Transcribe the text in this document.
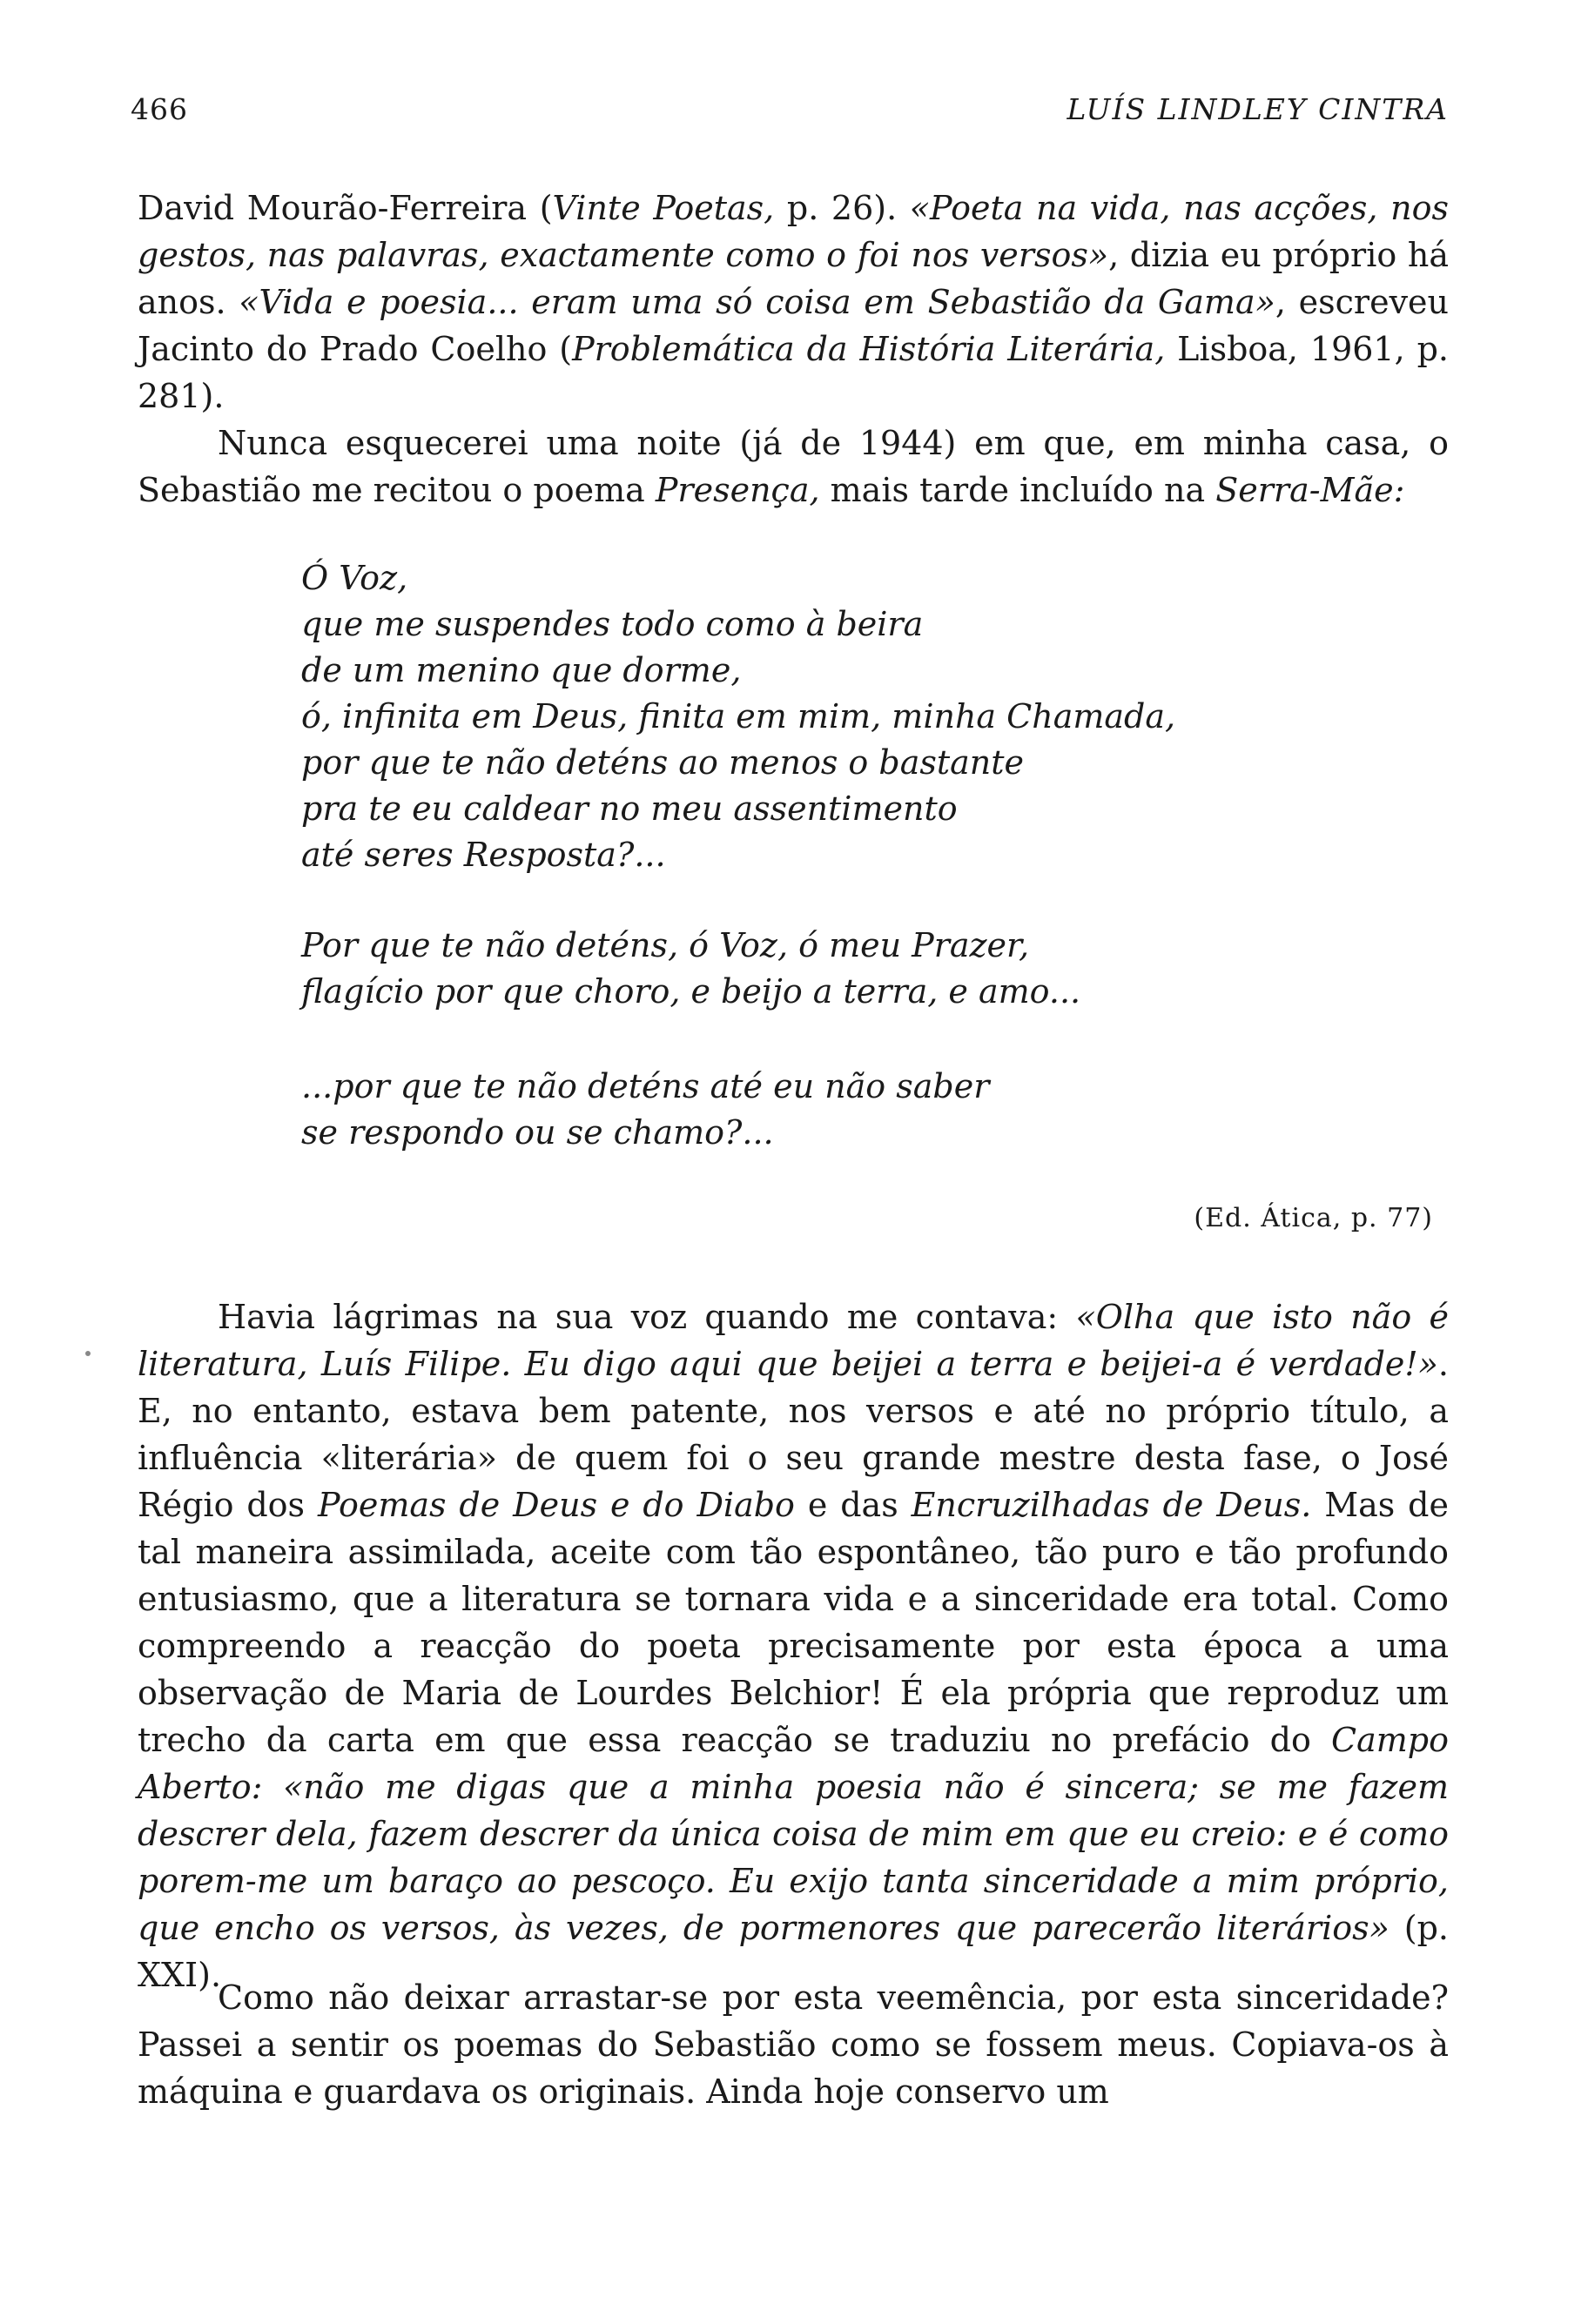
466	LUÍS LINDLEY CINTRA
David Mourão-Ferreira (Vinte Poetas, p. 26). «Poeta na vida, nas acções, nos gestos, nas palavras, exactamente como o foi nos versos», dizia eu próprio há anos. «Vida e poesia... eram uma só coisa em Sebastião da Gama», escreveu Jacinto do Prado Coelho (Problemática da História Literária, Lisboa, 1961, p. 281).
Nunca esquecerei uma noite (já de 1944) em que, em minha casa, o Sebastião me recitou o poema Presença, mais tarde incluído na Serra-Mãe:
Ó Voz,
que me suspendes todo como à beira
de um menino que dorme,
ó, infinita em Deus, finita em mim, minha Chamada,
por que te não deténs ao menos o bastante
pra te eu caldear no meu assentimento
até seres Resposta?...
Por que te não deténs, ó Voz, ó meu Prazer,
flagício por que choro, e beijo a terra, e amo...
...por que te não deténs até eu não saber
se respondo ou se chamo?...
(Ed. Ática, p. 77)
Havia lágrimas na sua voz quando me contava: «Olha que isto não é literatura, Luís Filipe. Eu digo aqui que beijei a terra e beijei-a é verdade!». E, no entanto, estava bem patente, nos versos e até no próprio título, a influência «literária» de quem foi o seu grande mestre desta fase, o José Régio dos Poemas de Deus e do Diabo e das Encruzilhadas de Deus. Mas de tal maneira assimilada, aceite com tão espontâneo, tão puro e tão profundo entusiasmo, que a literatura se tornara vida e a sinceridade era total. Como compreendo a reacção do poeta precisamente por esta época a uma observação de Maria de Lourdes Belchior! É ela própria que reproduz um trecho da carta em que essa reacção se traduziu no prefácio do Campo Aberto: «não me digas que a minha poesia não é sincera; se me fazem descrer dela, fazem descrer da única coisa de mim em que eu creio: e é como porem-me um baraço ao pescoço. Eu exijo tanta sinceridade a mim próprio, que encho os versos, às vezes, de pormenores que parecerão literários» (p. XXI).
Como não deixar arrastar-se por esta veemência, por esta sinceridade? Passei a sentir os poemas do Sebastião como se fossem meus. Copiava-os à máquina e guardava os originais. Ainda hoje conservo um
